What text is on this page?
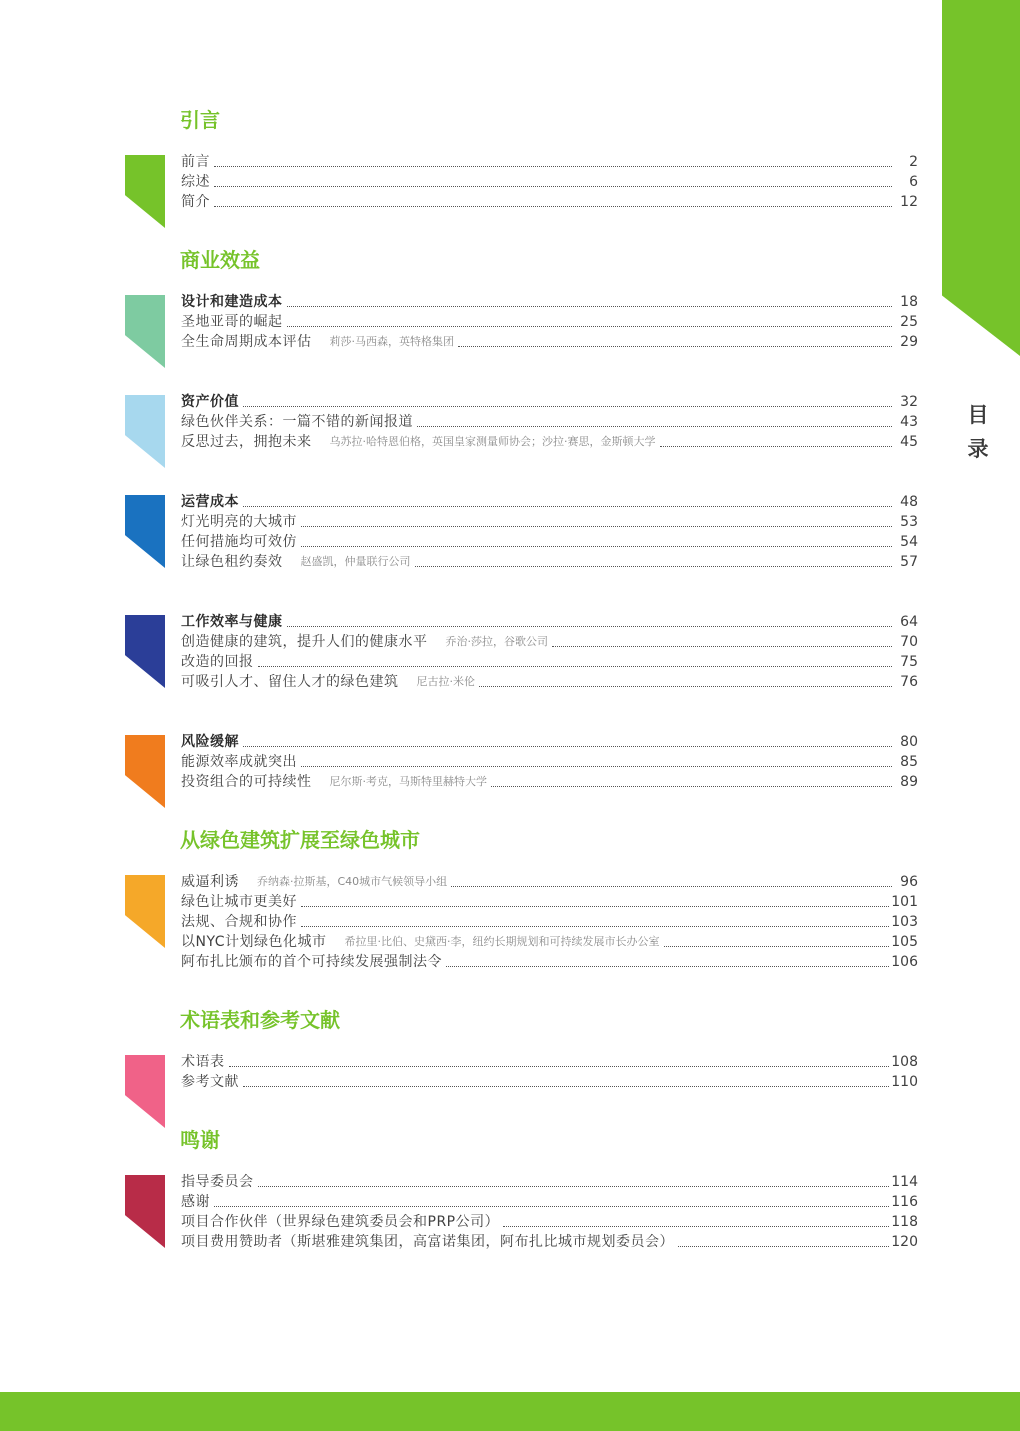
目
录
引言
商业效益
从绿色建筑扩展至绿色城市
术语表和参考文献
鸣谢
前言	2
综述	6
简介	12
设计和建造成本	18
圣地亚哥的崛起	25
全生命周期成本评估 莉莎·马西森，英特格集团	29
资产价值	32
绿色伙伴关系：一篇不错的新闻报道	43
反思过去，拥抱未来 乌苏拉·哈特恩伯格，英国皇家测量师协会；沙拉·赛思，金斯顿大学	45
运营成本	48
灯光明亮的大城市	53
任何措施均可效仿	54
让绿色租约奏效 赵盛凯，仲量联行公司	57
工作效率与健康	64
创造健康的建筑，提升人们的健康水平 乔治·莎拉，谷歌公司	70
改造的回报	75
可吸引人才、留住人才的绿色建筑 尼古拉·米伦	76
风险缓解	80
能源效率成就突出	85
投资组合的可持续性 尼尔斯·考克，马斯特里赫特大学	89
威逼利诱 乔纳森·拉斯基，C40城市气候领导小组	96
绿色让城市更美好	101
法规、合规和协作	103
以NYC计划绿色化城市 希拉里·比伯、史黛西·李，纽约长期规划和可持续发展市长办公室	105
阿布扎比颁布的首个可持续发展强制法令	106
术语表	108
参考文献	110
指导委员会	114
感谢	116
项目合作伙伴（世界绿色建筑委员会和PRP公司）	118
项目费用赞助者（斯堪雅建筑集团，高富诺集团，阿布扎比城市规划委员会）	120
